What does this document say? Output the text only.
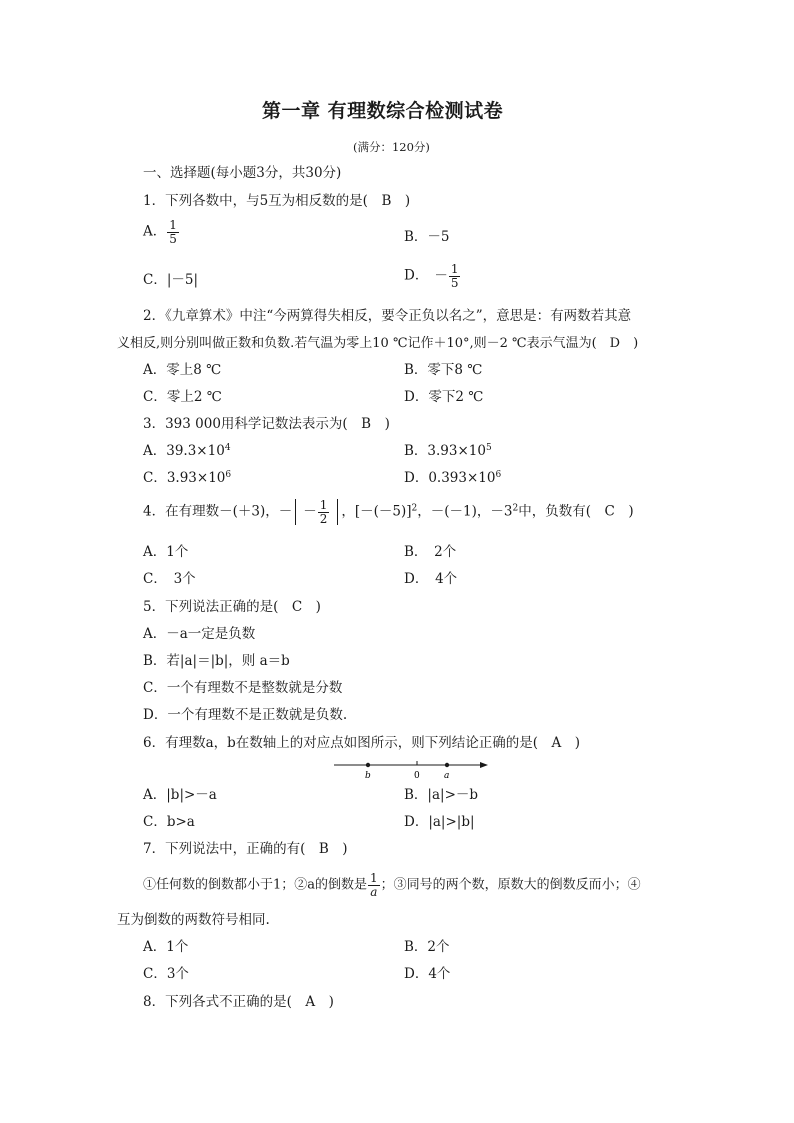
第一章 有理数综合检测试卷
(满分：120分)
一、选择题(每小题3分，共30分)
1．下列各数中，与5互为相反数的是(　B　)
A． $\frac{1}{5}$	B．－5
C．|－5|	D． － $\frac{1}{5}$
2．《九章算术》中注“今两算得失相反，要令正负以名之”，意思是：有两数若其意
义相反,则分别叫做正数和负数.若气温为零上10 ℃记作＋10°,则－2 ℃表示气温为(　D　)
A．零上8 ℃	B．零下8 ℃
C．零上2 ℃	D．零下2 ℃
3．393 000用科学记数法表示为(　B　)
A．$39.3\times 10^4$	B．$3.93\times 10^5$
C．$3.93\times 10^6$	D．$0.393\times 10^6$
4．在有理数－(＋3)，－ － $\frac{1}{2}$ ，$[-(-5)]^2$，－(－1)，$-3^2$中，负数有(　C　)
A．1个	B．　2个
C．　3个	D．　4个
5．下列说法正确的是(　C　)
A．－a一定是负数
B．若|a|＝|b|，则 a＝b
C．一个有理数不是整数就是分数
D．一个有理数不是正数就是负数.
6．有理数a，b在数轴上的对应点如图所示，则下列结论正确的是(　A　)
b	0	a
A．|b|>－a	B．|a|>－b
C．b>a	D．|a|>|b|
7．下列说法中，正确的有(　B　)
①任何数的倒数都小于1；②a的倒数是 $\frac{1}{a}$ ；③同号的两个数，原数大的倒数反而小；④
互为倒数的两数符号相同.
A．1个	B．2个
C．3个	D．4个
8．下列各式不正确的是(　A　)
